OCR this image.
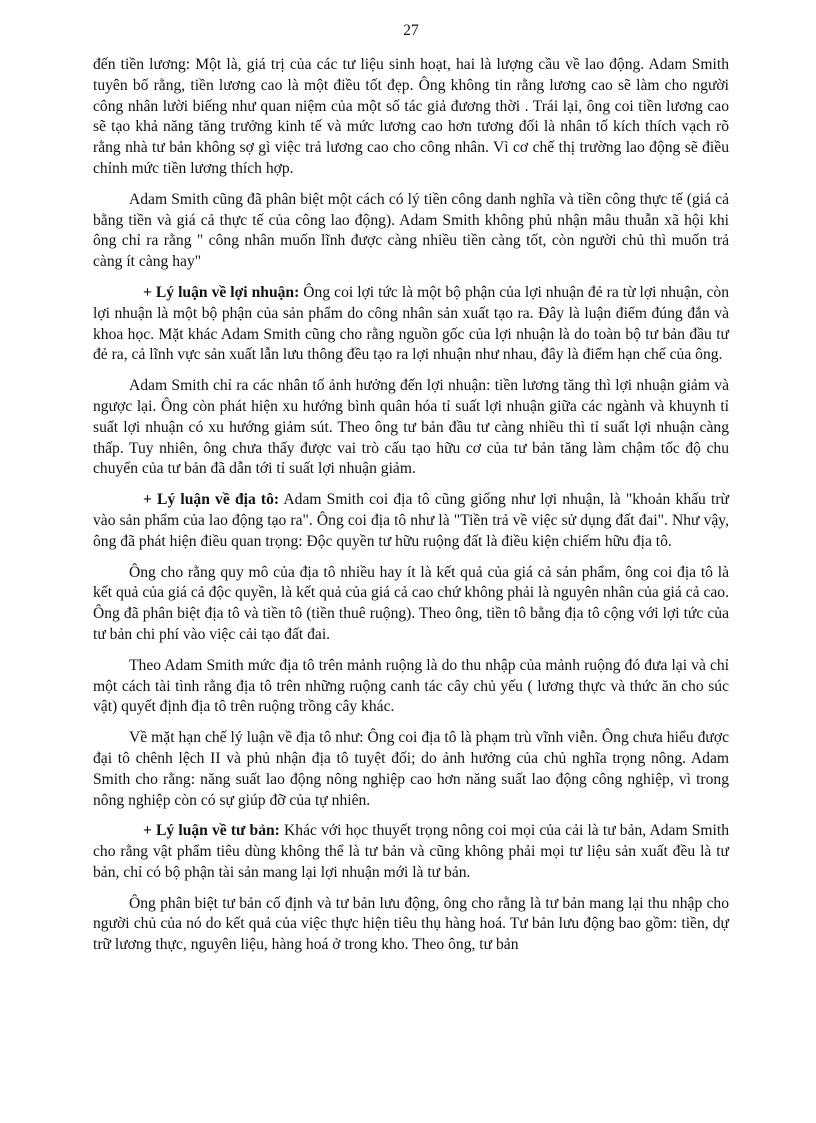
27

đến tiền lương: Một là, giá trị của các tư liệu sinh hoạt, hai là lượng cầu về lao động. Adam Smith tuyên bố rằng, tiền lương cao là một điều tốt đẹp. Ông không tin rằng lương cao sẽ làm cho người công nhân lười biếng như quan niệm của một số tác giả đương thời . Trái lại, ông coi tiền lương cao sẽ tạo khả năng tăng trưởng kinh tế và mức lương cao hơn tương đối là nhân tố kích thích vạch rõ rằng nhà tư bản không sợ gì việc trả lương cao cho công nhân. Vì cơ chế thị trường lao động sẽ điều chỉnh mức tiền lương thích hợp.

Adam Smith cũng đã phân biệt một cách có lý tiền công danh nghĩa và tiền công thực tế (giá cả bằng tiền và giá cả thực tế của công lao động). Adam Smith không phủ nhận mâu thuẫn xã hội khi ông chỉ ra rằng " công nhân muốn lĩnh được càng nhiều tiền càng tốt, còn người chủ thì muốn trả càng ít càng hay"

+ Lý luận về lợi nhuận: Ông coi lợi tức là một bộ phận của lợi nhuận đẻ ra từ lợi nhuận, còn lợi nhuận là một bộ phận của sản phẩm do công nhân sản xuất tạo ra. Đây là luận điểm đúng đắn và khoa học. Mặt khác Adam Smith cũng cho rằng nguồn gốc của lợi nhuận là do toàn bộ tư bản đầu tư đẻ ra, cả lĩnh vực sản xuất lẫn lưu thông đều tạo ra lợi nhuận như nhau, đây là điểm hạn chế của ông.

Adam Smith chỉ ra các nhân tố ảnh hưởng đến lợi nhuận: tiền lương tăng thì lợi nhuận giảm và ngược lại. Ông còn phát hiện xu hướng bình quân hóa tỉ suất lợi nhuận giữa các ngành và khuynh tỉ suất lợi nhuận có xu hướng giảm sút. Theo ông tư bản đầu tư càng nhiều thì tỉ suất lợi nhuận càng thấp. Tuy nhiên, ông chưa thấy được vai trò cấu tạo hữu cơ của tư bản tăng làm chậm tốc độ chu chuyển của tư bản đã dẫn tới tỉ suất lợi nhuận giảm.

+ Lý luận về địa tô: Adam Smith coi địa tô cũng giống như lợi nhuận, là "khoản khấu trừ vào sản phẩm của lao động tạo ra". Ông coi địa tô như là "Tiền trả về việc sử dụng đất đai". Như vậy, ông đã phát hiện điều quan trọng: Độc quyền tư hữu ruộng đất là điều kiện chiếm hữu địa tô.

Ông cho rằng quy mô của địa tô nhiều hay ít là kết quả của giá cả sản phẩm, ông coi địa tô là kết quả của giá cả độc quyền, là kết quả của giá cả cao chứ không phải là nguyên nhân của giá cả cao. Ông đã phân biệt địa tô và tiền tô (tiền thuê ruộng). Theo ông, tiền tô bằng địa tô cộng với lợi tức của tư bản chi phí vào việc cải tạo đất đai.

Theo Adam Smith mức địa tô trên mảnh ruộng là do thu nhập của mảnh ruộng đó đưa lại và chỉ một cách tài tình rằng địa tô trên những ruộng canh tác cây chủ yếu ( lương thực và thức ăn cho súc vật) quyết định địa tô trên ruộng trồng cây khác.

Về mặt hạn chế lý luận về địa tô như: Ông coi địa tô là phạm trù vĩnh viễn. Ông chưa hiểu được đại tô chênh lệch II và phủ nhận địa tô tuyệt đối; do ảnh hưởng của chủ nghĩa trọng nông. Adam Smith cho rằng: năng suất lao động nông nghiệp cao hơn năng suất lao động công nghiệp, vì trong nông nghiệp còn có sự giúp đỡ của tự nhiên.

+ Lý luận về tư bản: Khác với học thuyết trọng nông coi mọi của cải là tư bản, Adam Smith cho rằng vật phẩm tiêu dùng không thể là tư bản và cũng không phải mọi tư liệu sản xuất đều là tư bản, chỉ có bộ phận tài sản mang lại lợi nhuận mới là tư bản.

Ông phân biệt tư bản cố định và tư bản lưu động, ông cho rằng là tư bản mang lại thu nhập cho người chủ của nó do kết quả của việc thực hiện tiêu thụ hàng hoá. Tư bản lưu động bao gồm: tiền, dự trữ lương thực, nguyên liệu, hàng hoá ở trong kho. Theo ông, tư bản
